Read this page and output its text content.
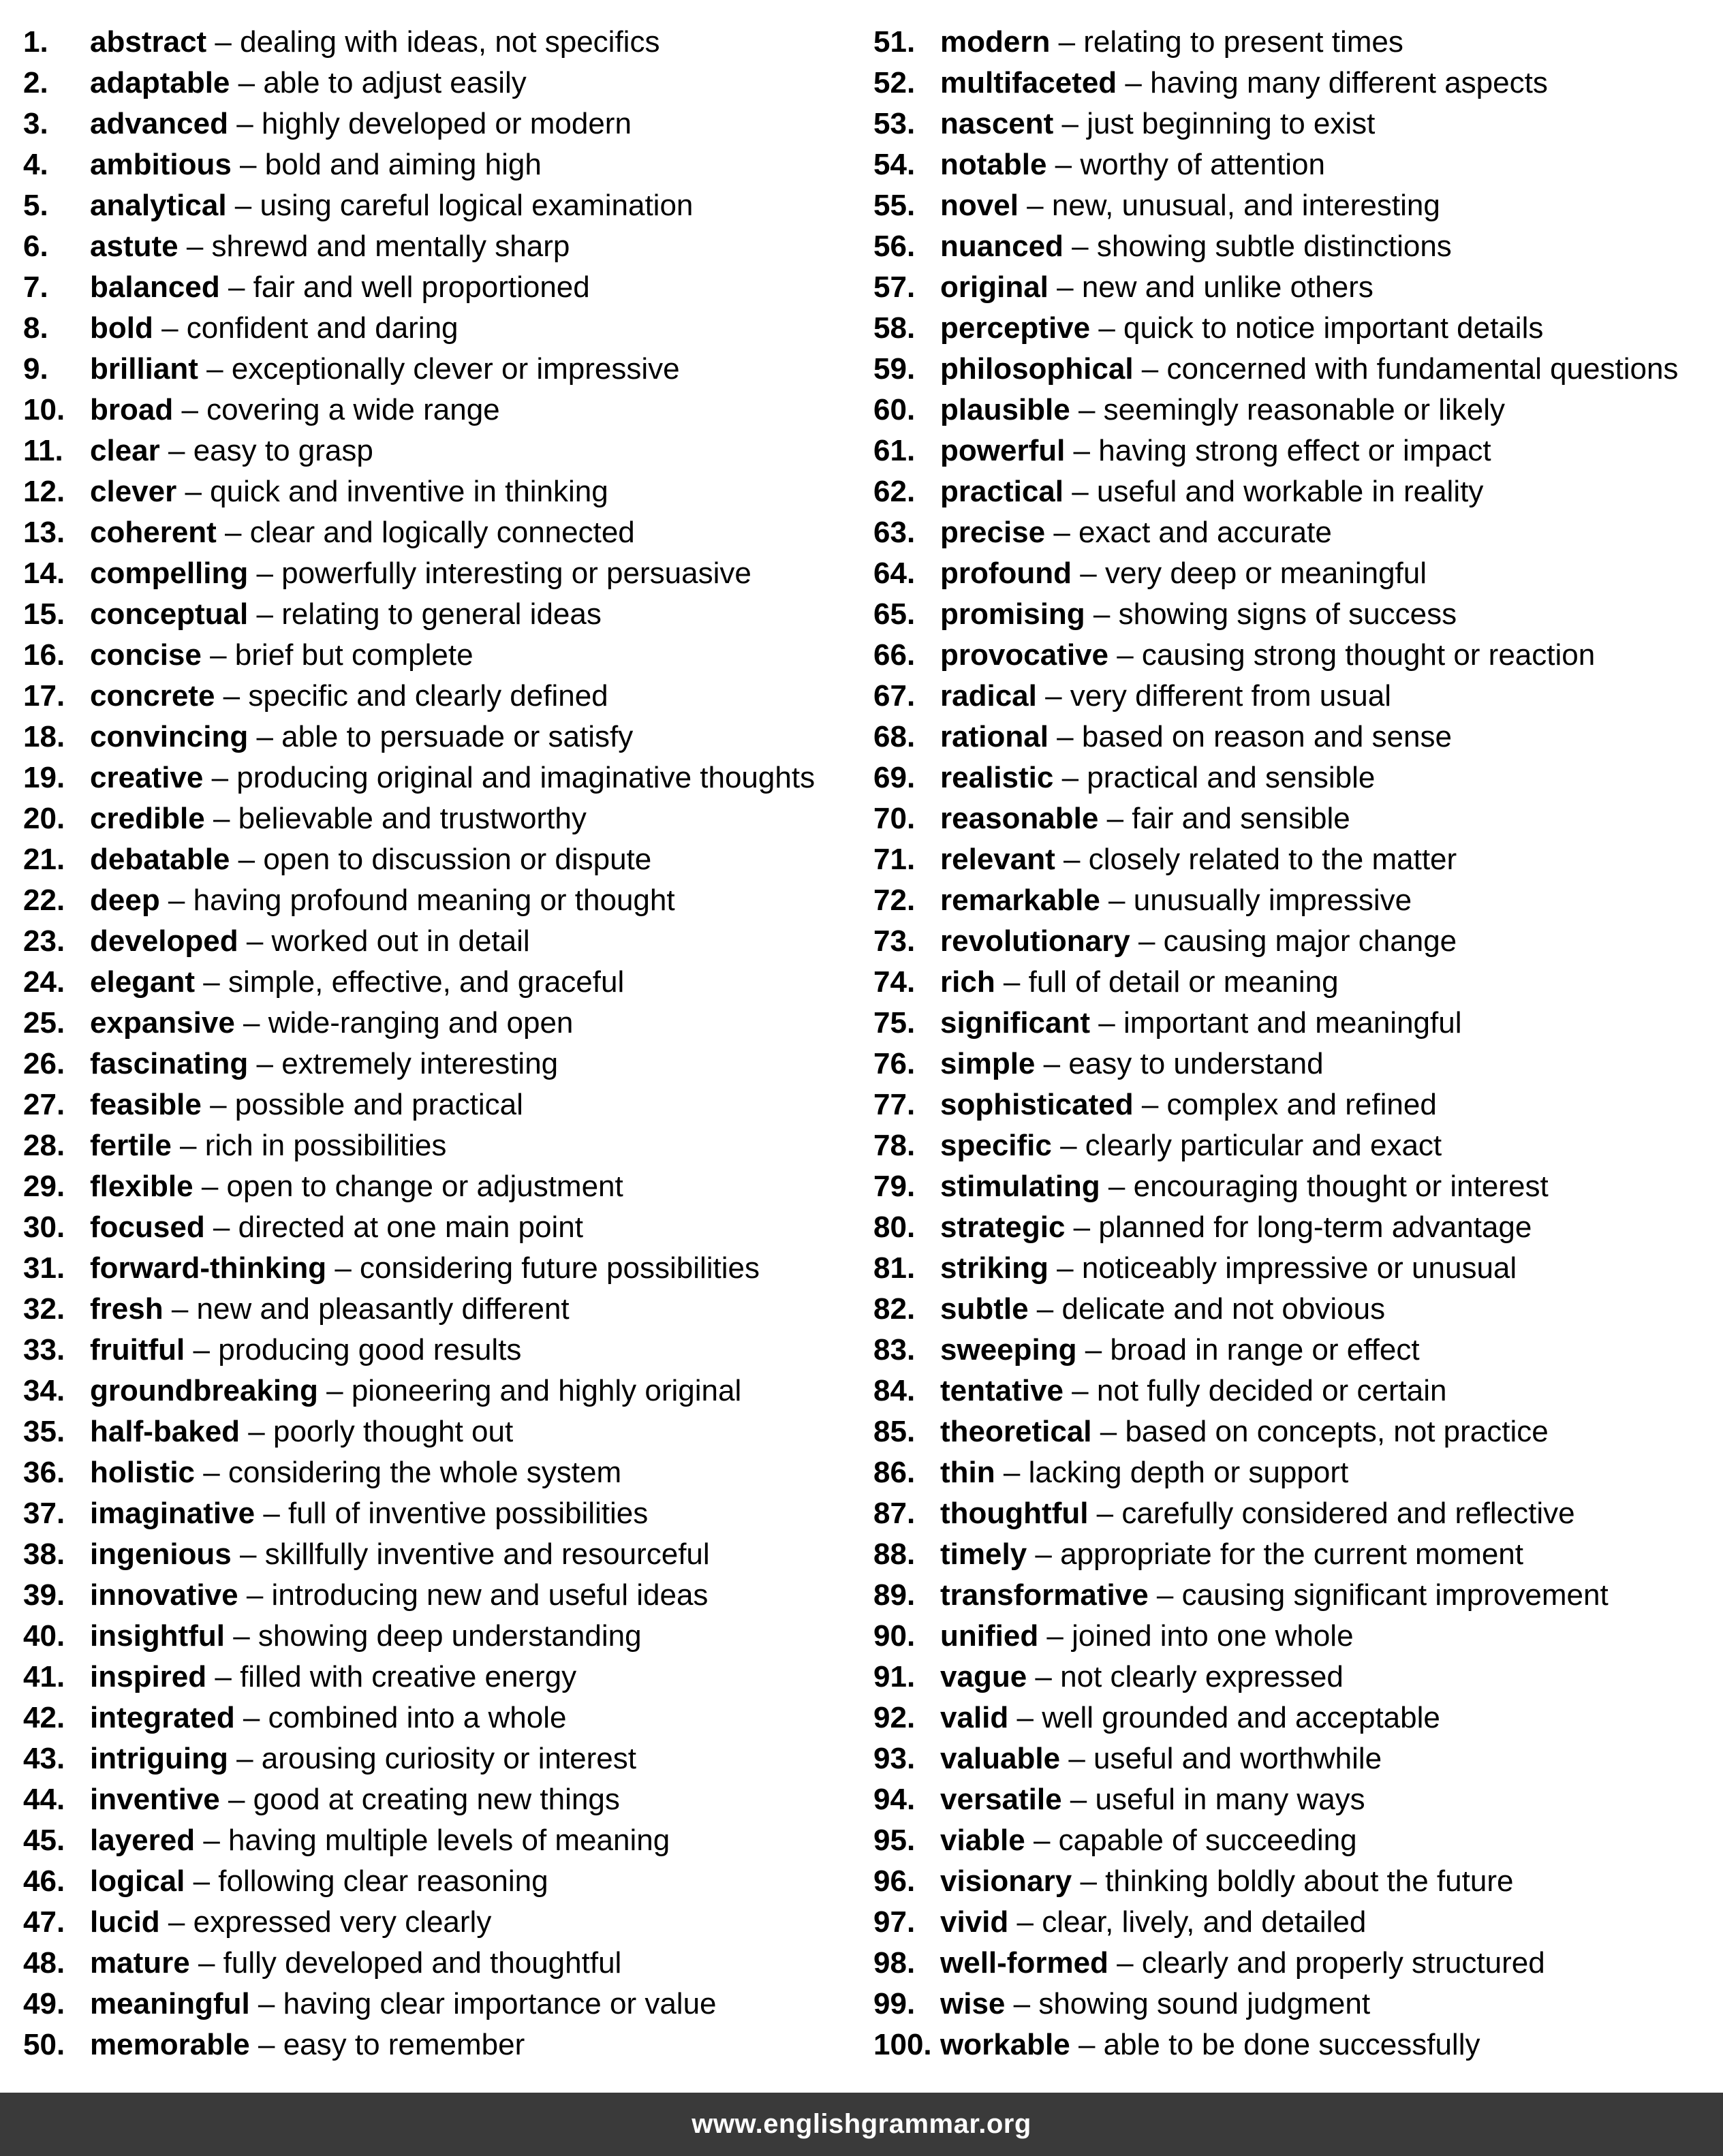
1.	abstract – dealing with ideas, not specifics
2.	adaptable – able to adjust easily
3.	advanced – highly developed or modern
4.	ambitious – bold and aiming high
5.	analytical – using careful logical examination
6.	astute – shrewd and mentally sharp
7.	balanced – fair and well proportioned
8.	bold – confident and daring
9.	brilliant – exceptionally clever or impressive
10. broad – covering a wide range
11. clear – easy to grasp
12. clever – quick and inventive in thinking
13. coherent – clear and logically connected
14. compelling – powerfully interesting or persuasive
15. conceptual – relating to general ideas
16. concise – brief but complete
17. concrete – specific and clearly defined
18. convincing – able to persuade or satisfy
19. creative – producing original and imaginative thoughts
20. credible – believable and trustworthy
21. debatable – open to discussion or dispute
22. deep – having profound meaning or thought
23. developed – worked out in detail
24. elegant – simple, effective, and graceful
25. expansive – wide-ranging and open
26. fascinating – extremely interesting
27. feasible – possible and practical
28. fertile – rich in possibilities
29. flexible – open to change or adjustment
30. focused – directed at one main point
31. forward-thinking – considering future possibilities
32. fresh – new and pleasantly different
33. fruitful – producing good results
34. groundbreaking – pioneering and highly original
35. half-baked – poorly thought out
36. holistic – considering the whole system
37. imaginative – full of inventive possibilities
38. ingenious – skillfully inventive and resourceful
39. innovative – introducing new and useful ideas
40. insightful – showing deep understanding
41. inspired – filled with creative energy
42. integrated – combined into a whole
43. intriguing – arousing curiosity or interest
44. inventive – good at creating new things
45. layered – having multiple levels of meaning
46. logical – following clear reasoning
47. lucid – expressed very clearly
48. mature – fully developed and thoughtful
49. meaningful – having clear importance or value
50. memorable – easy to remember
51. modern – relating to present times
52. multifaceted – having many different aspects
53. nascent – just beginning to exist
54. notable – worthy of attention
55. novel – new, unusual, and interesting
56. nuanced – showing subtle distinctions
57. original – new and unlike others
58. perceptive – quick to notice important details
59. philosophical – concerned with fundamental questions
60. plausible – seemingly reasonable or likely
61. powerful – having strong effect or impact
62. practical – useful and workable in reality
63. precise – exact and accurate
64. profound – very deep or meaningful
65. promising – showing signs of success
66. provocative – causing strong thought or reaction
67. radical – very different from usual
68. rational – based on reason and sense
69. realistic – practical and sensible
70. reasonable – fair and sensible
71. relevant – closely related to the matter
72. remarkable – unusually impressive
73. revolutionary – causing major change
74. rich – full of detail or meaning
75. significant – important and meaningful
76. simple – easy to understand
77. sophisticated – complex and refined
78. specific – clearly particular and exact
79. stimulating – encouraging thought or interest
80. strategic – planned for long-term advantage
81. striking – noticeably impressive or unusual
82. subtle – delicate and not obvious
83. sweeping – broad in range or effect
84. tentative – not fully decided or certain
85. theoretical – based on concepts, not practice
86. thin – lacking depth or support
87. thoughtful – carefully considered and reflective
88. timely – appropriate for the current moment
89. transformative – causing significant improvement
90. unified – joined into one whole
91. vague – not clearly expressed
92. valid – well grounded and acceptable
93. valuable – useful and worthwhile
94. versatile – useful in many ways
95. viable – capable of succeeding
96. visionary – thinking boldly about the future
97. vivid – clear, lively, and detailed
98. well-formed – clearly and properly structured
99. wise – showing sound judgment
100. workable – able to be done successfully
www.englishgrammar.org
